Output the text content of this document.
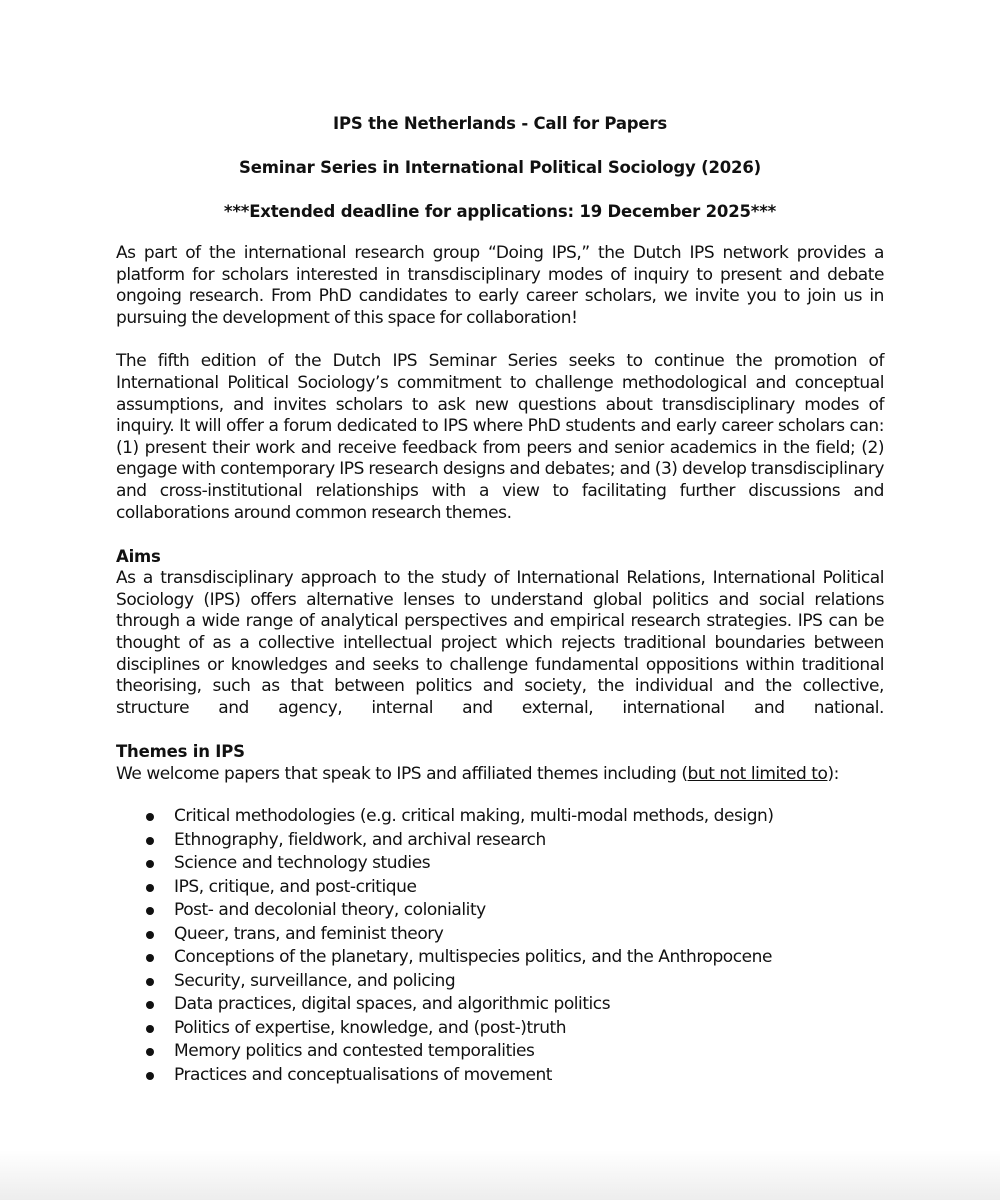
IPS the Netherlands - Call for Papers
Seminar Series in International Political Sociology (2026)
***Extended deadline for applications: 19 December 2025***

As part of the international research group “Doing IPS,” the Dutch IPS network provides a platform for scholars interested in transdisciplinary modes of inquiry to present and debate ongoing research. From PhD candidates to early career scholars, we invite you to join us in pursuing the development of this space for collaboration!

The fifth edition of the Dutch IPS Seminar Series seeks to continue the promotion of International Political Sociology’s commitment to challenge methodological and conceptual assumptions, and invites scholars to ask new questions about transdisciplinary modes of inquiry. It will offer a forum dedicated to IPS where PhD students and early career scholars can: (1) present their work and receive feedback from peers and senior academics in the field; (2) engage with contemporary IPS research designs and debates; and (3) develop transdisciplinary and cross-institutional relationships with a view to facilitating further discussions and collaborations around common research themes.

Aims

As a transdisciplinary approach to the study of International Relations, International Political Sociology (IPS) offers alternative lenses to understand global politics and social relations through a wide range of analytical perspectives and empirical research strategies. IPS can be thought of as a collective intellectual project which rejects traditional boundaries between disciplines or knowledges and seeks to challenge fundamental oppositions within traditional theorising, such as that between politics and society, the individual and the collective, structure and agency, internal and external, international and national.

Themes in IPS

We welcome papers that speak to IPS and affiliated themes including (but not limited to):

Critical methodologies (e.g. critical making, multi-modal methods, design)
Ethnography, fieldwork, and archival research
Science and technology studies
IPS, critique, and post-critique
Post- and decolonial theory, coloniality
Queer, trans, and feminist theory
Conceptions of the planetary, multispecies politics, and the Anthropocene
Security, surveillance, and policing
Data practices, digital spaces, and algorithmic politics
Politics of expertise, knowledge, and (post-)truth
Memory politics and contested temporalities
Practices and conceptualisations of movement
